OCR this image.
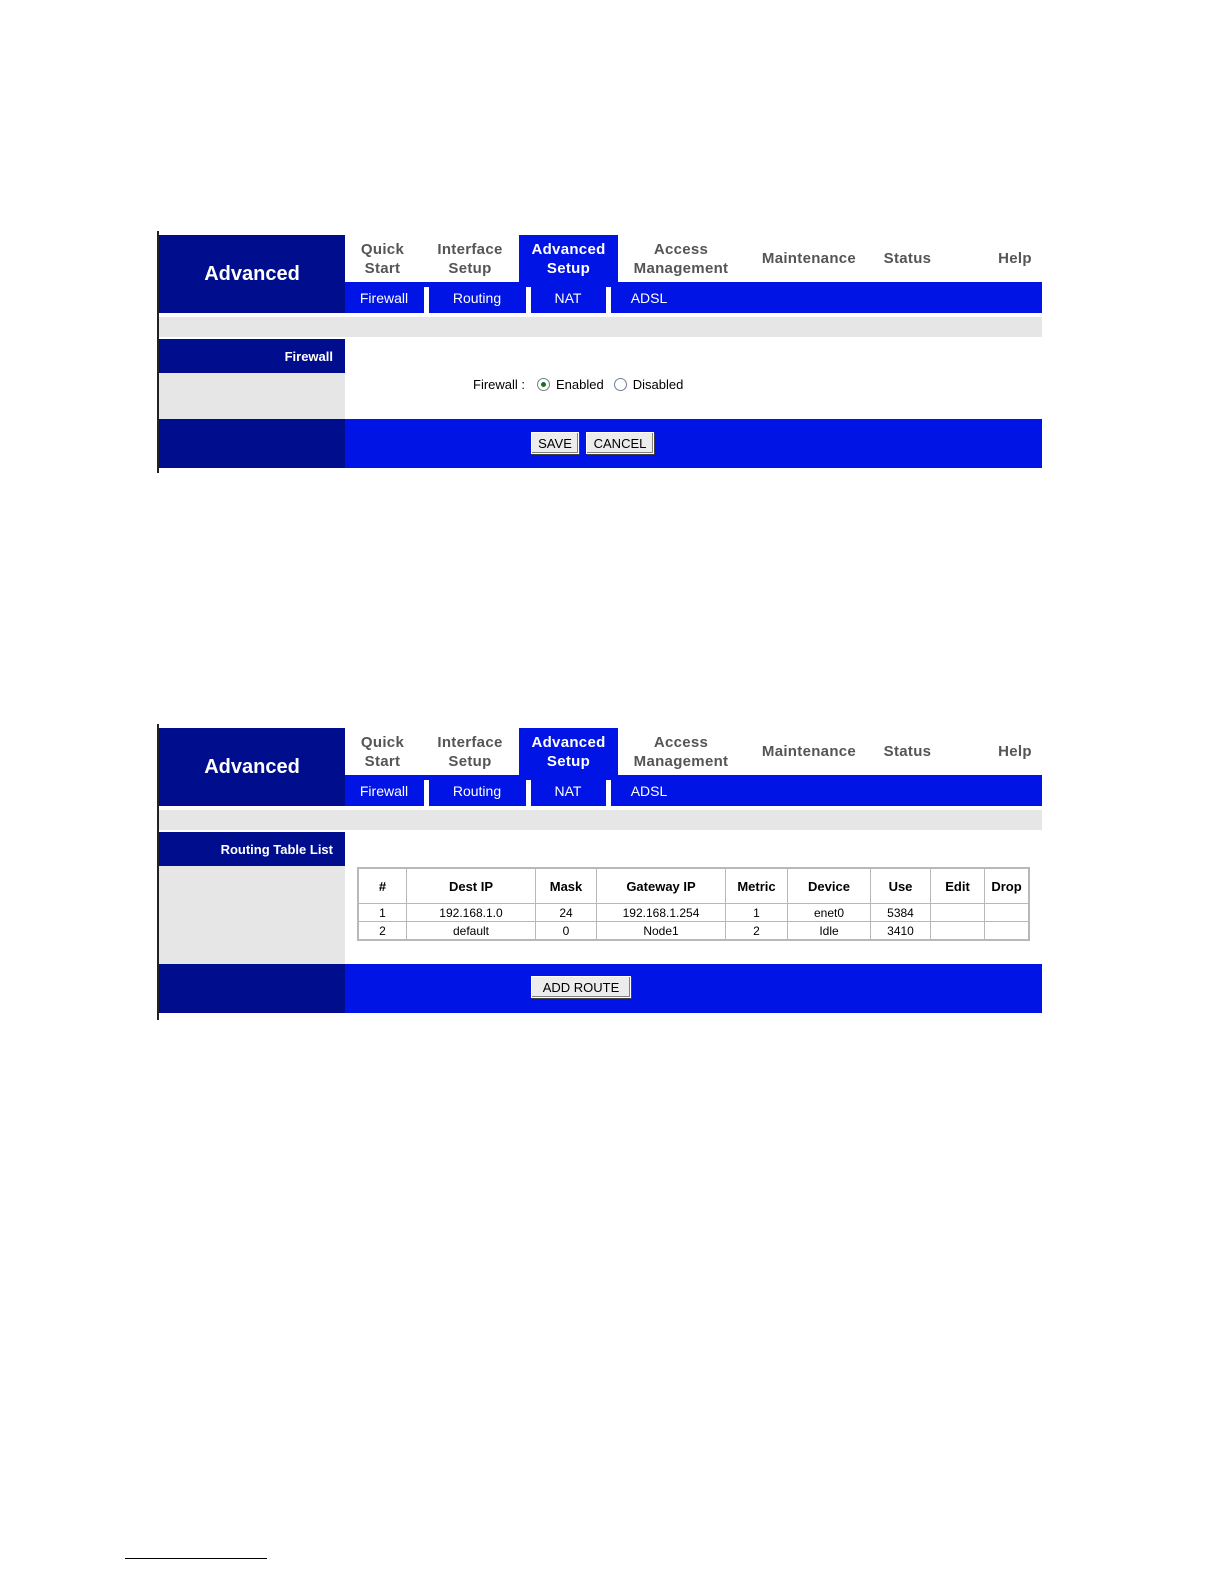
Advanced
Quick
Start
Interface
Setup
Advanced
Setup
Access
Management
Maintenance Status	Help
Firewall	Routing	NAT	ADSL
Firewall
Firewall : Enabled Disabled
SAVE	CANCEL
Advanced
Quick
Start
Interface
Setup
Advanced
Setup
Access
Management
Maintenance Status	Help
Firewall	Routing	NAT	ADSL
Routing Table List
#	Dest IP	Mask	Gateway IP	Metric	Device	Use	Edit	Drop
1	192.168.1.0	24	192.168.1.254	1	enet0	5384		
2	default	0	Node1	2	Idle	3410		
ADD ROUTE
